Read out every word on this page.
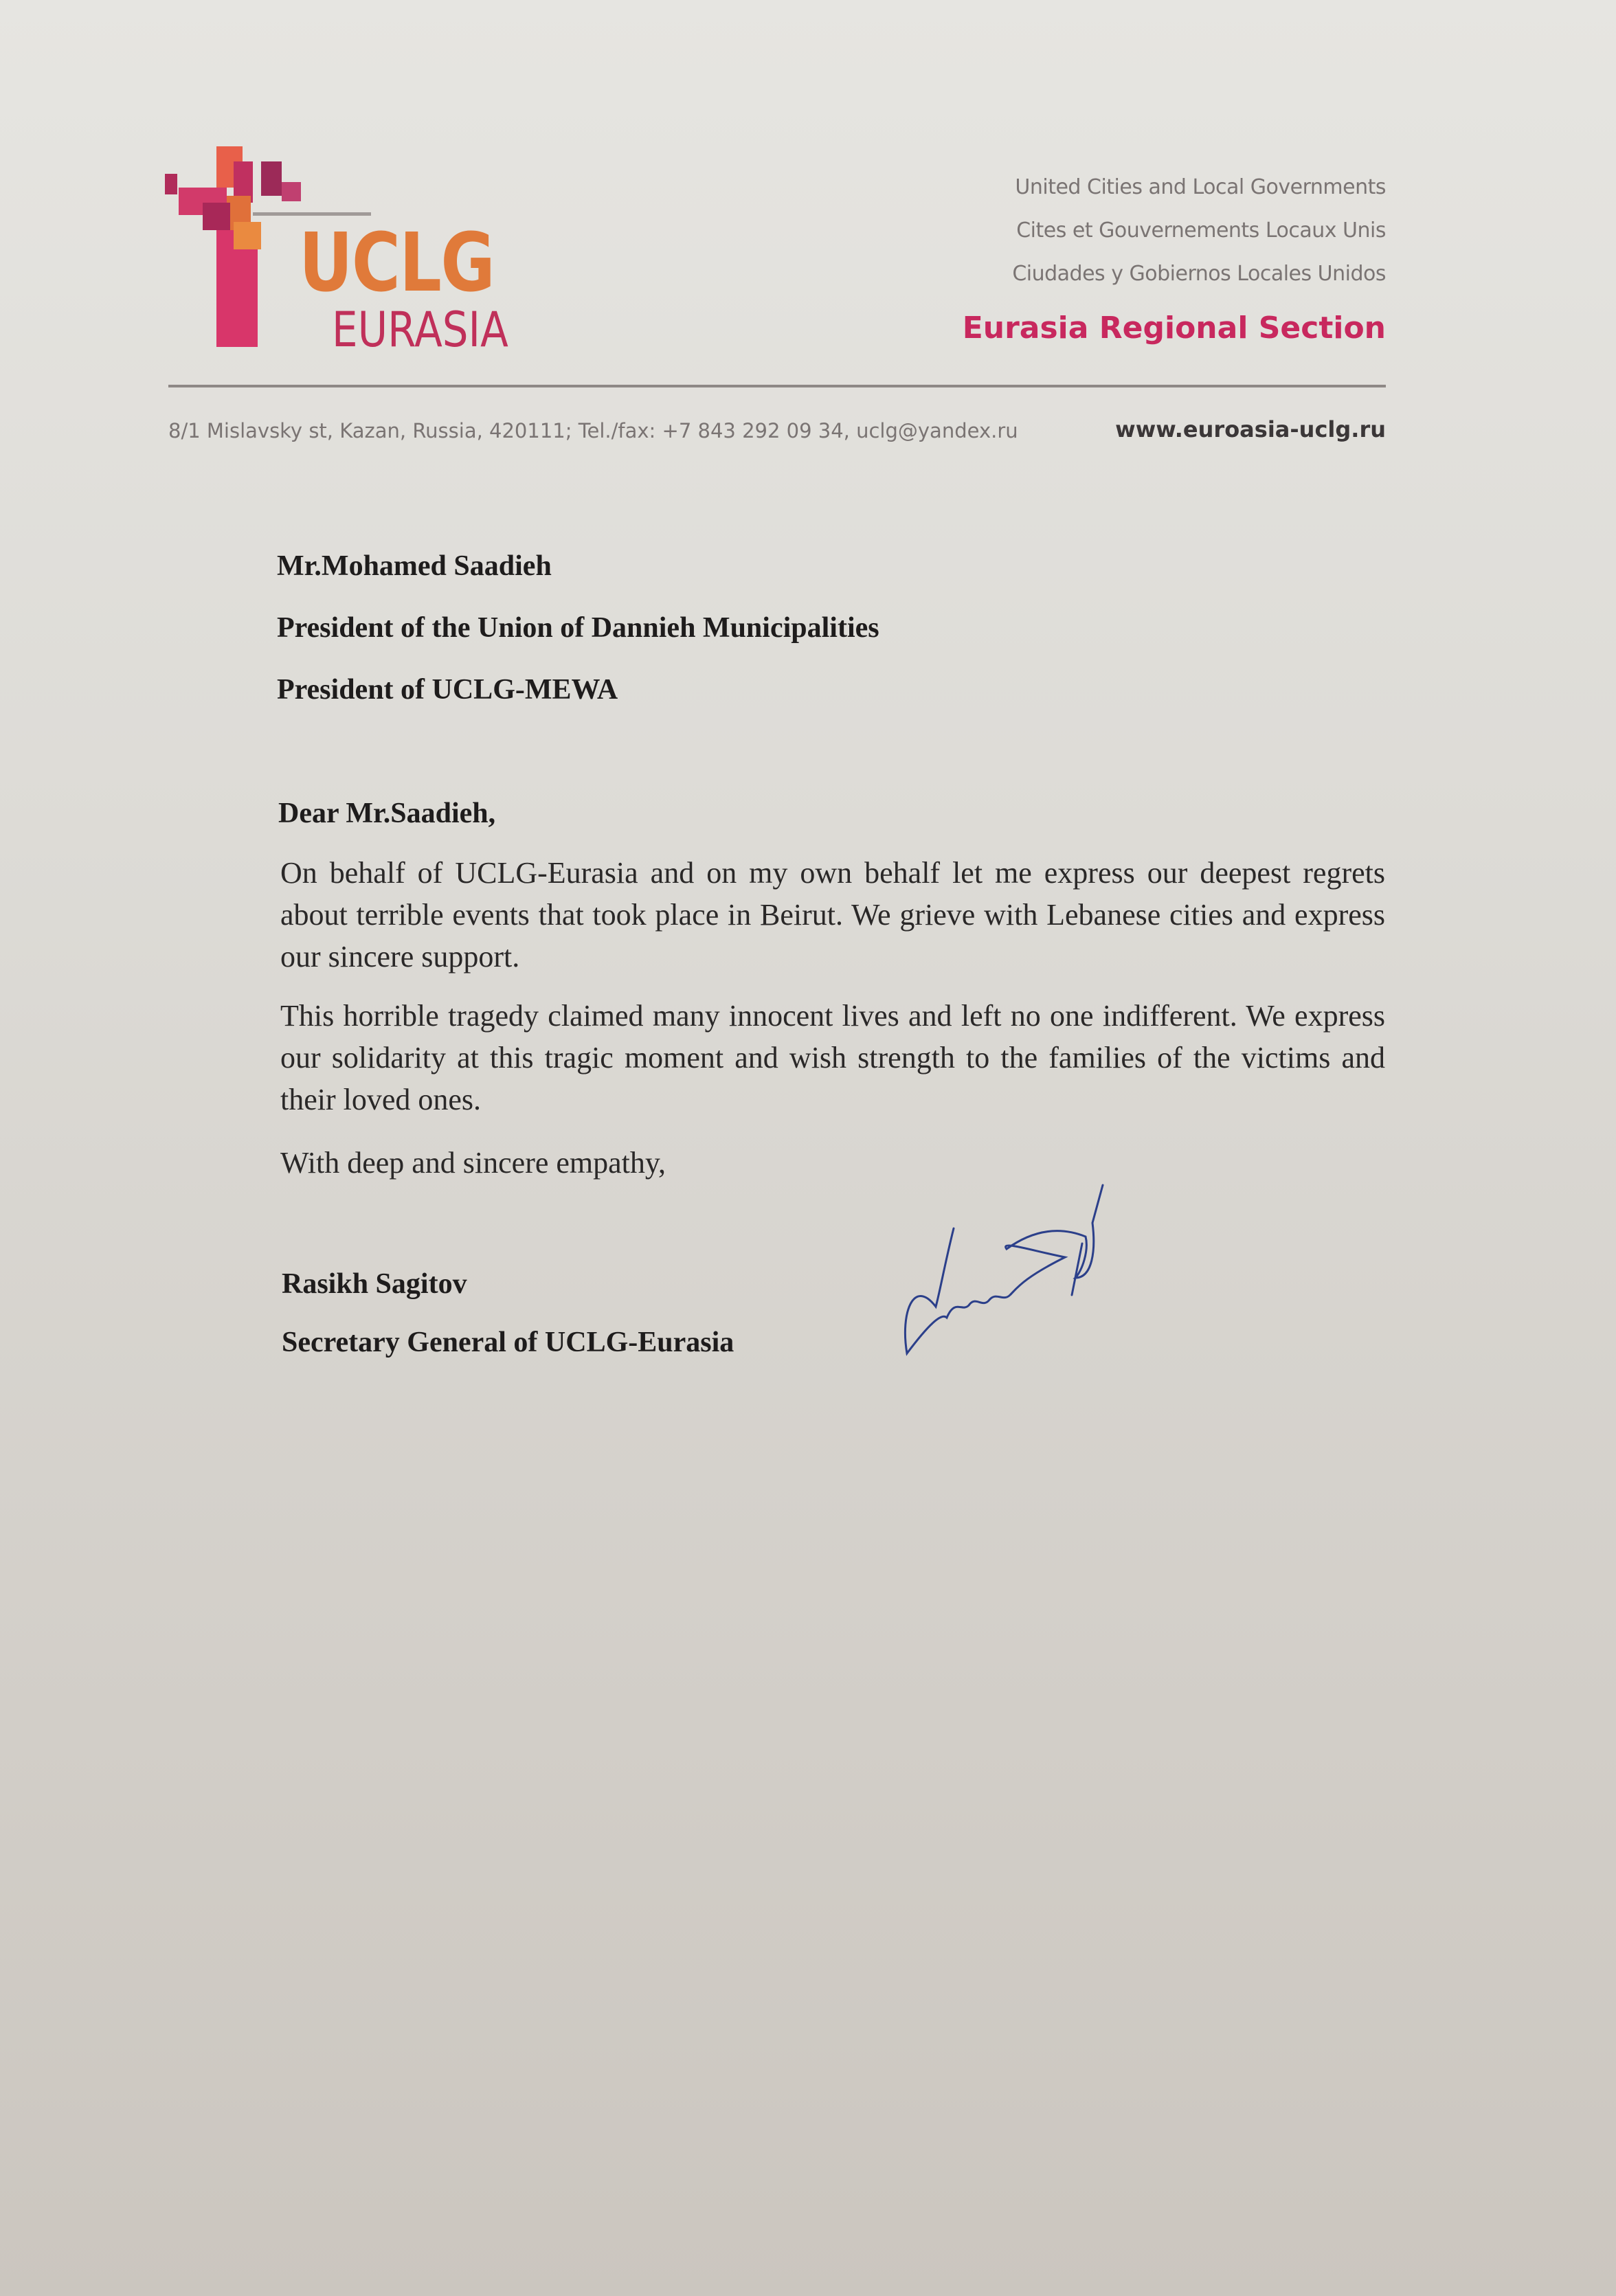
UCLG
EURASIA
United Cities and Local Governments
Cites et Gouvernements Locaux Unis
Ciudades y Gobiernos Locales Unidos
Eurasia Regional Section
8/1 Mislavsky st, Kazan, Russia, 420111; Tel./fax: +7 843 292 09 34, uclg@yandex.ru	www.euroasia-uclg.ru
Mr.Mohamed Saadieh
President of the Union of Dannieh Municipalities
President of UCLG-MEWA
Dear Mr.Saadieh,
On behalf of UCLG-Eurasia and on my own behalf let me express our deepest regrets about terrible events that took place in Beirut. We grieve with Lebanese cities and express our sincere support.
This horrible tragedy claimed many innocent lives and left no one indifferent. We express our solidarity at this tragic moment and wish strength to the families of the victims and their loved ones.
With deep and sincere empathy,
Rasikh Sagitov
Secretary General of UCLG-Eurasia
